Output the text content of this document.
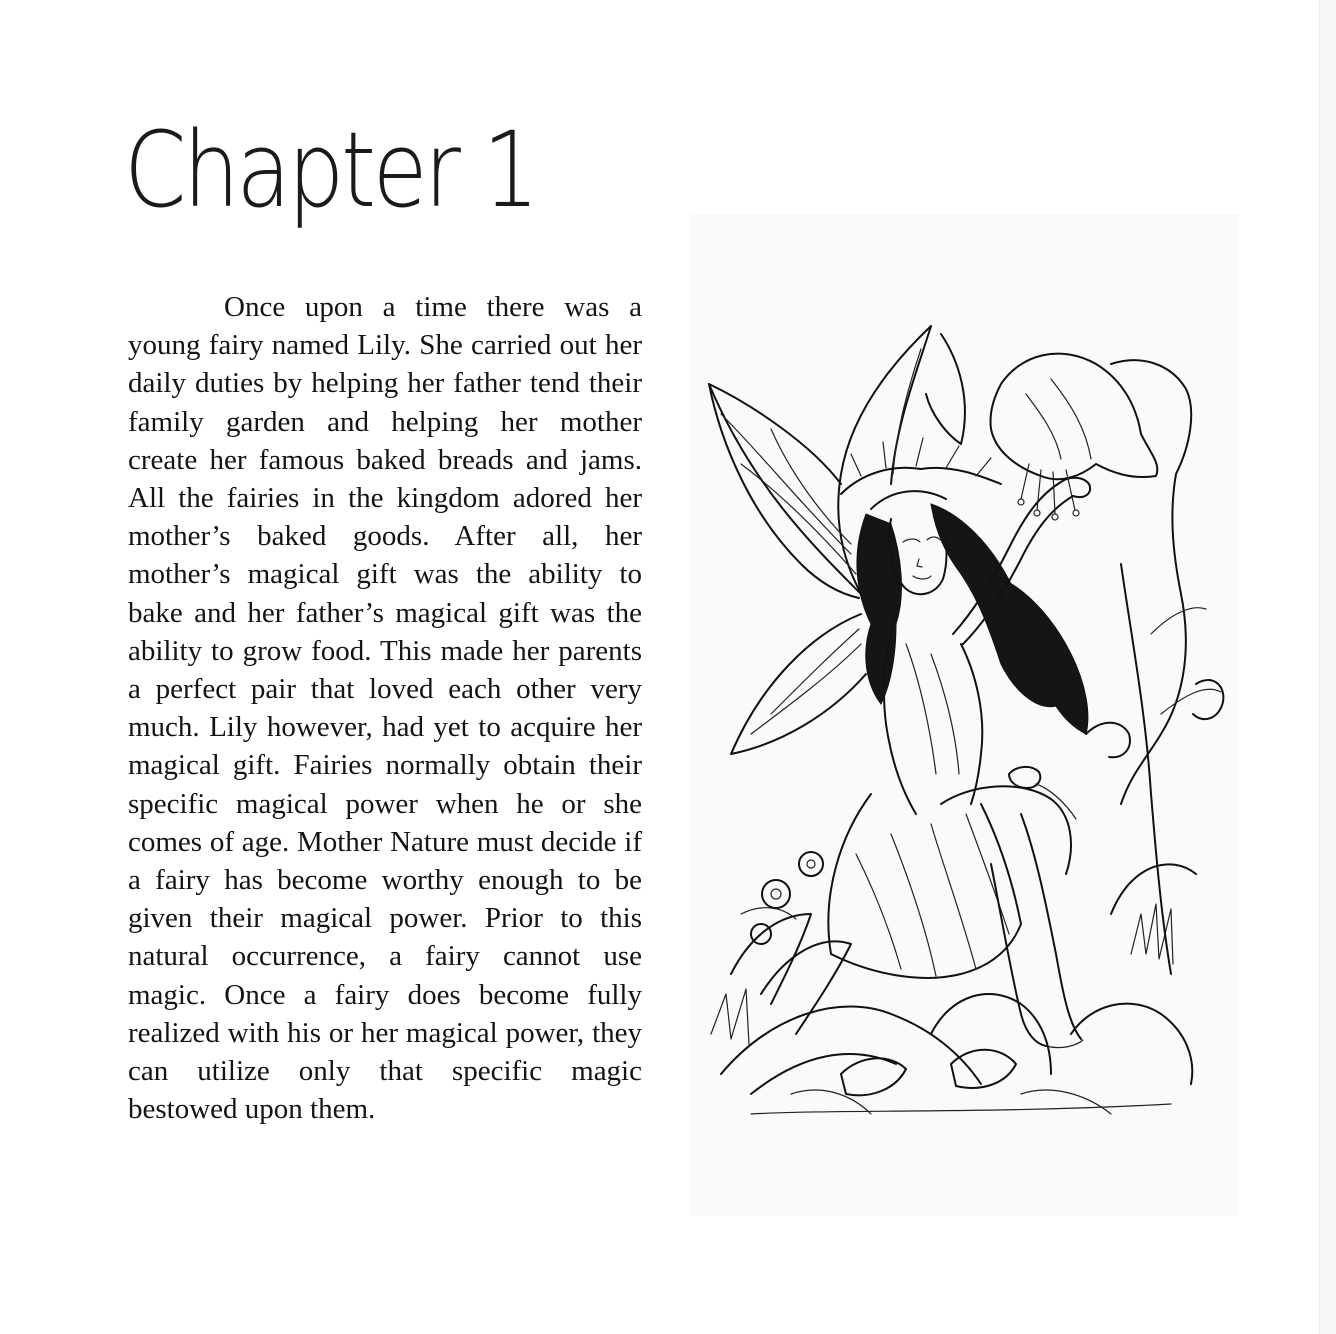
Chapter 1

Once upon a time there was a young fairy named Lily. She carried out her daily duties by helping her father tend their family garden and helping her mother create her famous baked breads and jams. All the fairies in the kingdom adored her mother’s baked goods. After all, her mother’s magical gift was the ability to bake and her father’s magical gift was the ability to grow food. This made her parents a perfect pair that loved each other very much. Lily however, had yet to acquire her magical gift. Fairies normally obtain their specific magical power when he or she comes of age. Mother Nature must decide if a fairy has become worthy enough to be given their magical power. Prior to this natural occurrence, a fairy cannot use magic. Once a fairy does become fully realized with his or her magical power, they can utilize only that specific magic bestowed upon them.
